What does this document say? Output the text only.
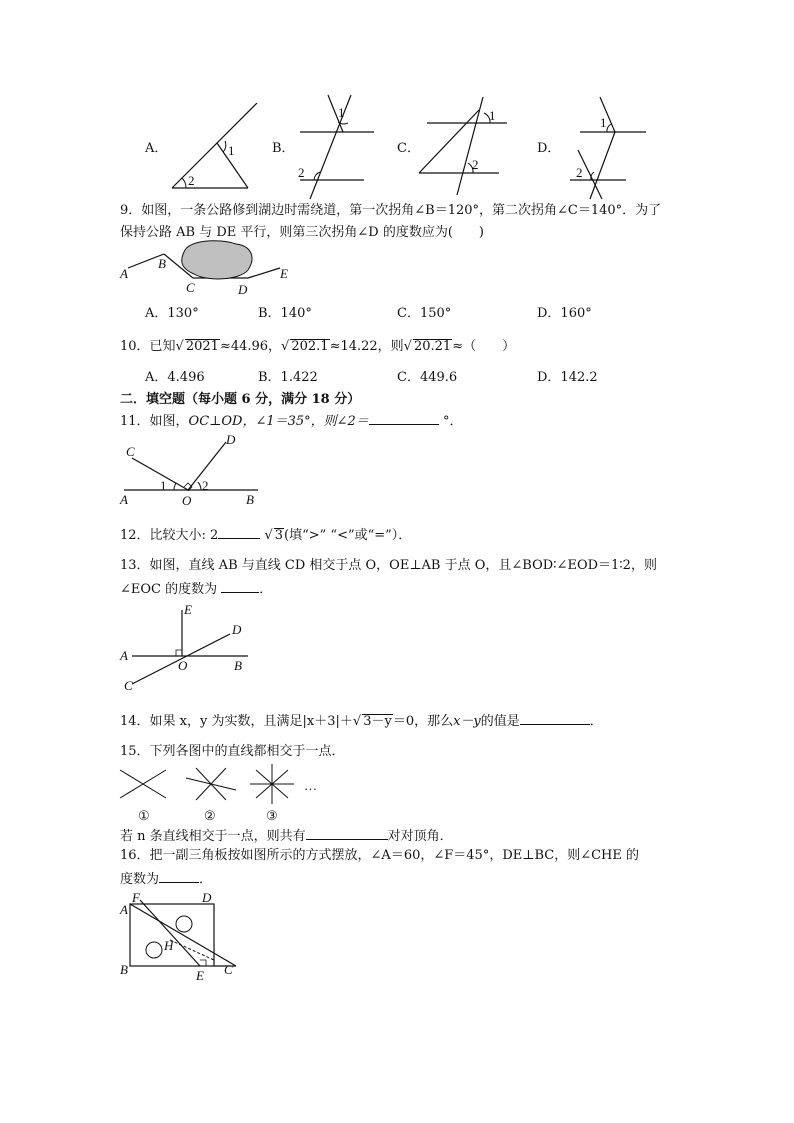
A．	1
2
B．
1
2
C．
1
2
D．
1
2
9．如图，一条公路修到湖边时需绕道，第一次拐角∠B＝120°，第二次拐角∠C＝140°．为了
保持公路 AB 与 DE 平行，则第三次拐角∠D 的度数应为(　　)
A
B
C	D
E
A．130°	B．140°	C．150°	D．160°
10．已知√ 2021≈44.96，√ 202.1≈14.22，则√ 20.21≈（　　）
A．4.496	B．1.422	C．449.6	D．142.2
二．填空题（每小题 6 分，满分 18 分）
11．如图，OC⊥OD，∠1＝35°，则∠2＝	°．
C
D
A	O	B
1	2
12．比较大小: 2	√ 3(填“>” “<”或“=”）．
13．如图，直线 AB 与直线 CD 相交于点 O，OE⊥AB 于点 O，且∠BOD∶∠EOD＝1∶2，则
∠EOC 的度数为	．
E
D
A
O	B
C
14．如果 x，y 为实数，且满足|x＋3|＋√ 3－y＝0，那么x－y的值是	．
15．下列各图中的直线都相交于一点．
…
①	②	③
若 n 条直线相交于一点，则共有	对对顶角．
16．把一副三角板按如图所示的方式摆放，∠A＝60，∠F＝45°，DE⊥BC，则∠CHE 的
度数为	．
F
A
D
H
B	E C
